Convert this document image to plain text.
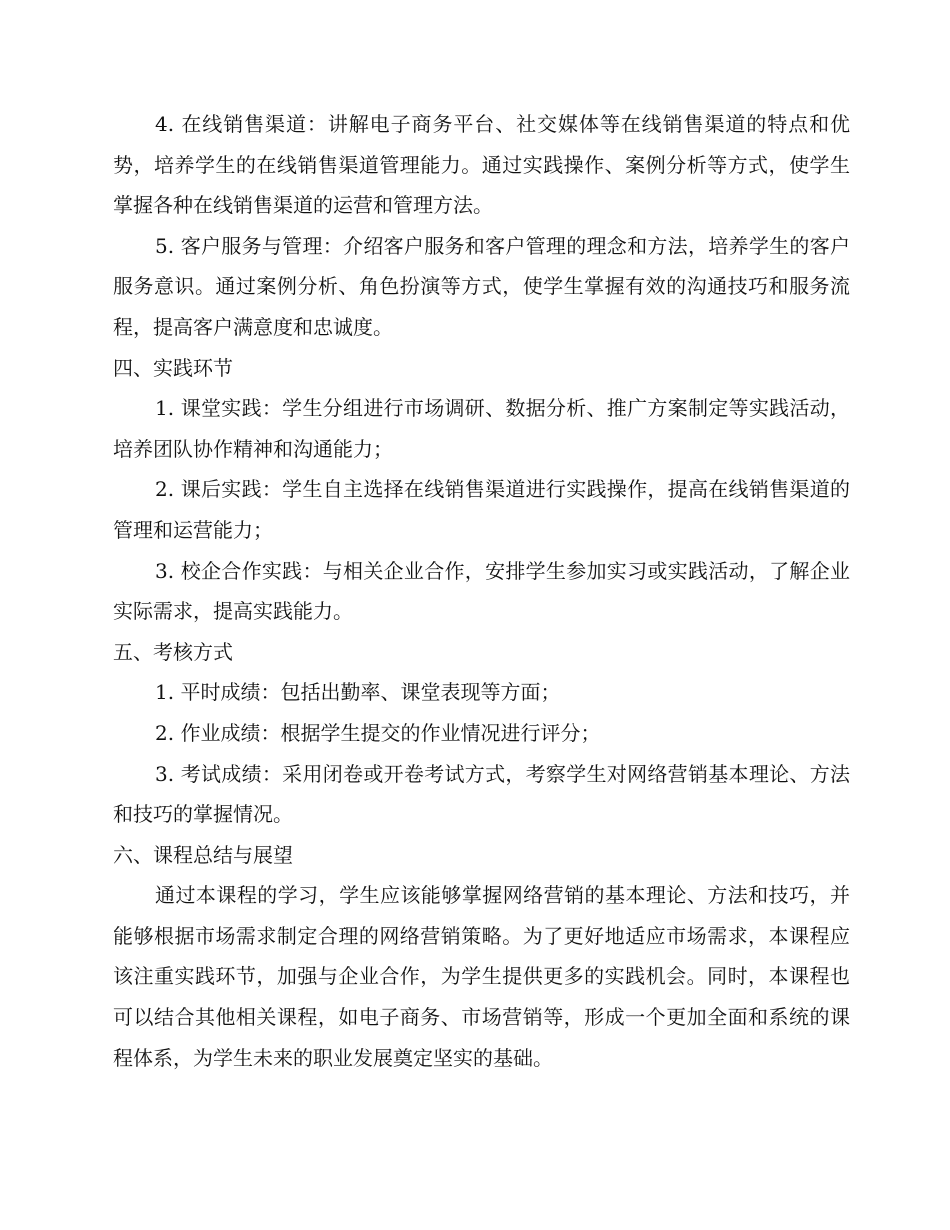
4. 在线销售渠道：讲解电子商务平台、社交媒体等在线销售渠道的特点和优势，培养学生的在线销售渠道管理能力。通过实践操作、案例分析等方式，使学生掌握各种在线销售渠道的运营和管理方法。

5. 客户服务与管理：介绍客户服务和客户管理的理念和方法，培养学生的客户服务意识。通过案例分析、角色扮演等方式，使学生掌握有效的沟通技巧和服务流程，提高客户满意度和忠诚度。

四、实践环节

1. 课堂实践：学生分组进行市场调研、数据分析、推广方案制定等实践活动，培养团队协作精神和沟通能力；

2. 课后实践：学生自主选择在线销售渠道进行实践操作，提高在线销售渠道的管理和运营能力；

3. 校企合作实践：与相关企业合作，安排学生参加实习或实践活动，了解企业实际需求，提高实践能力。

五、考核方式

1. 平时成绩：包括出勤率、课堂表现等方面；

2. 作业成绩：根据学生提交的作业情况进行评分；

3. 考试成绩：采用闭卷或开卷考试方式，考察学生对网络营销基本理论、方法和技巧的掌握情况。

六、课程总结与展望

通过本课程的学习，学生应该能够掌握网络营销的基本理论、方法和技巧，并能够根据市场需求制定合理的网络营销策略。为了更好地适应市场需求，本课程应该注重实践环节，加强与企业合作，为学生提供更多的实践机会。同时，本课程也可以结合其他相关课程，如电子商务、市场营销等，形成一个更加全面和系统的课程体系，为学生未来的职业发展奠定坚实的基础。
